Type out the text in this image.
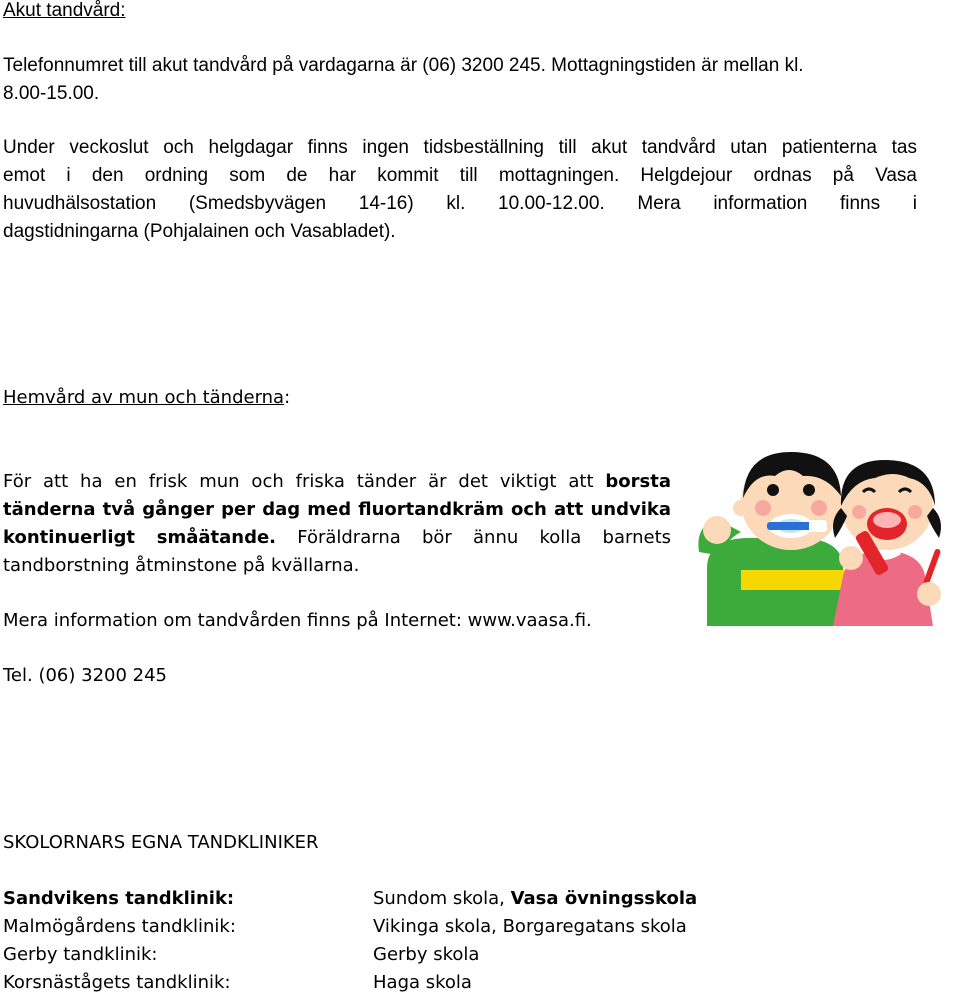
Akut tandvård:
Telefonnumret till akut tandvård på vardagarna är (06) 3200 245. Mottagningstiden är mellan kl.
8.00-15.00.
Under veckoslut och helgdagar finns ingen tidsbeställning till akut tandvård utan patienterna tas
emot i den ordning som de har kommit till mottagningen. Helgdejour ordnas på Vasa
huvudhälsostation (Smedsbyvägen 14-16) kl. 10.00-12.00. Mera information finns i
dagstidningarna (Pohjalainen och Vasabladet).
Hemvård av mun och tänderna:
För att ha en frisk mun och friska tänder är det viktigt att borsta
tänderna två gånger per dag med fluortandkräm och att undvika
kontinuerligt småätande. Föräldrarna bör ännu kolla barnets
tandborstning åtminstone på kvällarna.
Mera information om tandvården finns på Internet: www.vaasa.fi.
Tel. (06) 3200 245
SKOLORNARS EGNA TANDKLINIKER
Sandvikens tandklinik:	Sundom skola, Vasa övningsskola
Malmögårdens tandklinik:	Vikinga skola, Borgaregatans skola
Gerby tandklinik:	Gerby skola
Korsnästågets tandklinik:	Haga skola
